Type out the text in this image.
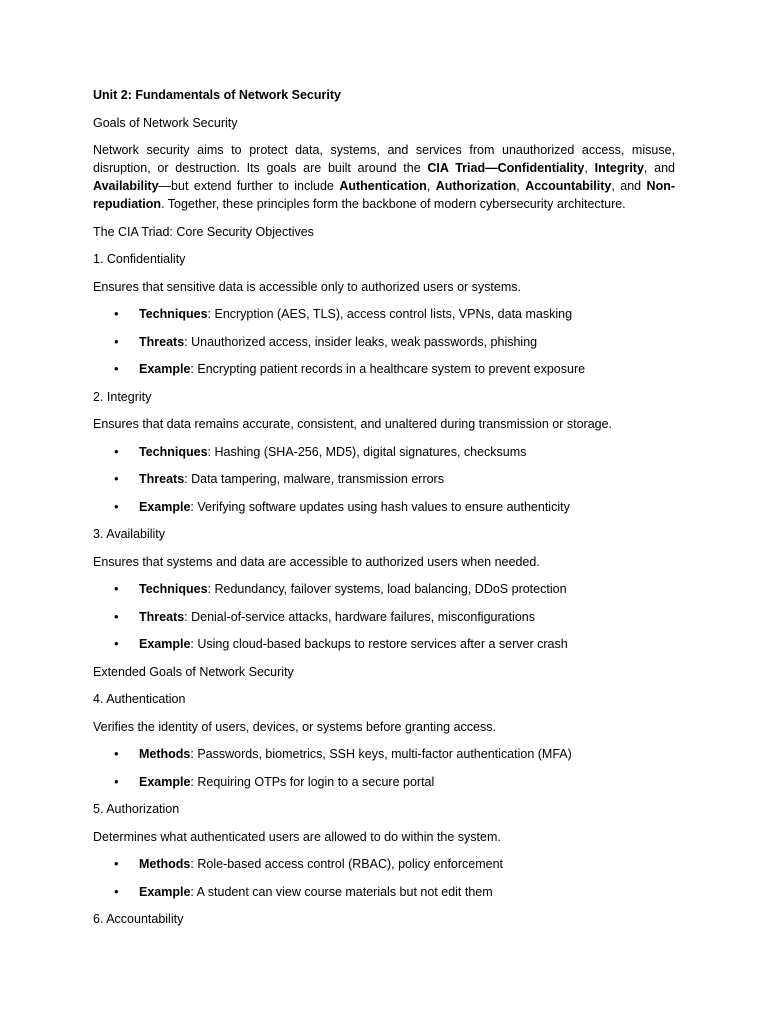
Unit 2: Fundamentals of Network Security

Goals of Network Security

Network security aims to protect data, systems, and services from unauthorized access, misuse, disruption, or destruction. Its goals are built around the CIA Triad—Confidentiality, Integrity, and Availability—but extend further to include Authentication, Authorization, Accountability, and Non-repudiation. Together, these principles form the backbone of modern cybersecurity architecture.

The CIA Triad: Core Security Objectives

1. Confidentiality

Ensures that sensitive data is accessible only to authorized users or systems.

• Techniques: Encryption (AES, TLS), access control lists, VPNs, data masking
• Threats: Unauthorized access, insider leaks, weak passwords, phishing
• Example: Encrypting patient records in a healthcare system to prevent exposure

2. Integrity

Ensures that data remains accurate, consistent, and unaltered during transmission or storage.

• Techniques: Hashing (SHA-256, MD5), digital signatures, checksums
• Threats: Data tampering, malware, transmission errors
• Example: Verifying software updates using hash values to ensure authenticity

3. Availability

Ensures that systems and data are accessible to authorized users when needed.

• Techniques: Redundancy, failover systems, load balancing, DDoS protection
• Threats: Denial-of-service attacks, hardware failures, misconfigurations
• Example: Using cloud-based backups to restore services after a server crash

Extended Goals of Network Security

4. Authentication

Verifies the identity of users, devices, or systems before granting access.

• Methods: Passwords, biometrics, SSH keys, multi-factor authentication (MFA)
• Example: Requiring OTPs for login to a secure portal

5. Authorization

Determines what authenticated users are allowed to do within the system.

• Methods: Role-based access control (RBAC), policy enforcement
• Example: A student can view course materials but not edit them

6. Accountability
